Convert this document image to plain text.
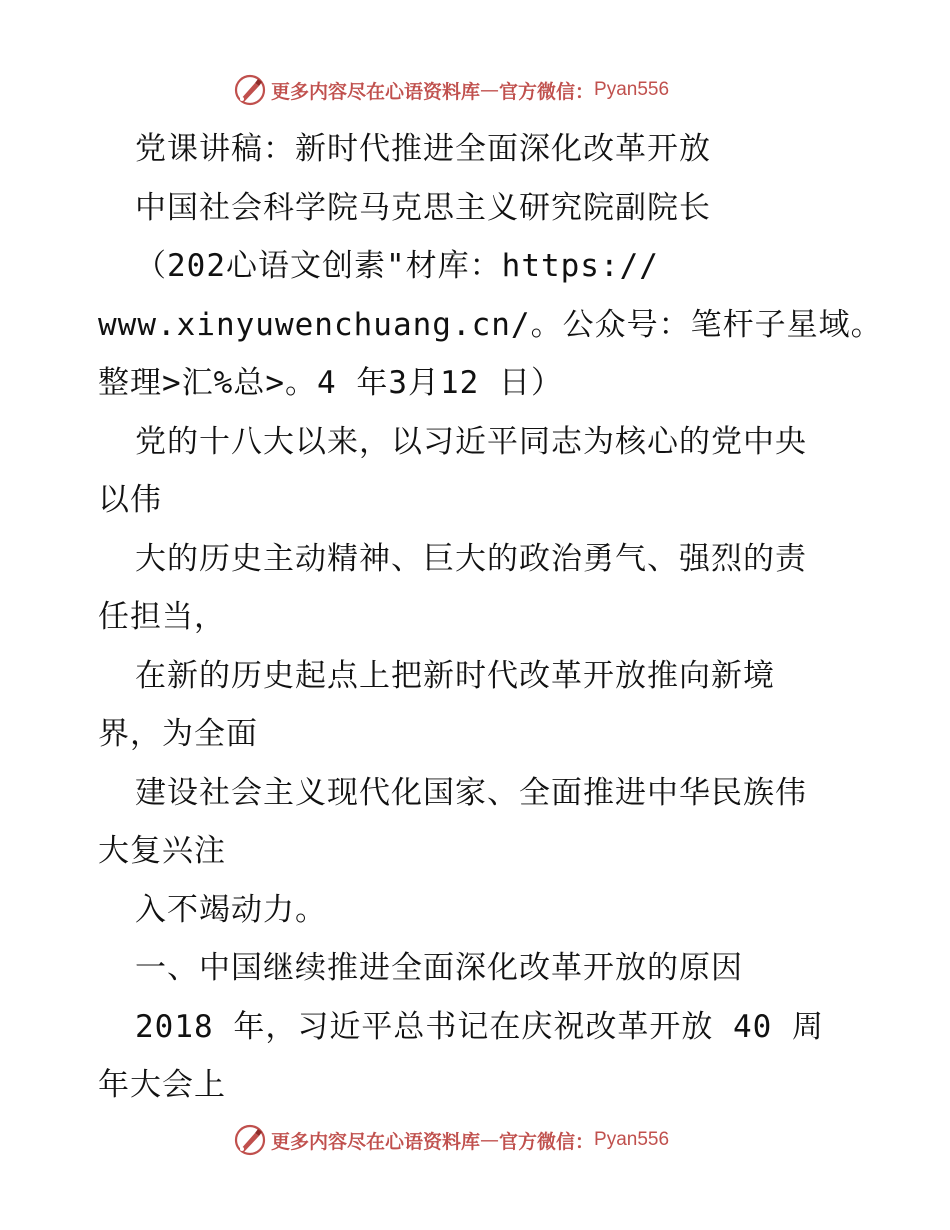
更多内容尽在心语资料库 — 官方微信： Pyan556
党课讲稿：新时代推进全面深化改革开放
中国社会科学院马克思主义研究院副院长
（202心语文创素"材库：https://
www.xinyuwenchuang.cn/。公众号：笔杆子星域。
整理>汇%总>。4 年3月12 日）
党的十八大以来，以习近平同志为核心的党中央
以伟
大的历史主动精神、巨大的政治勇气、强烈的责
任担当，
在新的历史起点上把新时代改革开放推向新境
界，为全面
建设社会主义现代化国家、全面推进中华民族伟
大复兴注
入不竭动力。
一、中国继续推进全面深化改革开放的原因
2018 年，习近平总书记在庆祝改革开放 40 周
年大会上
更多内容尽在心语资料库 — 官方微信： Pyan556
